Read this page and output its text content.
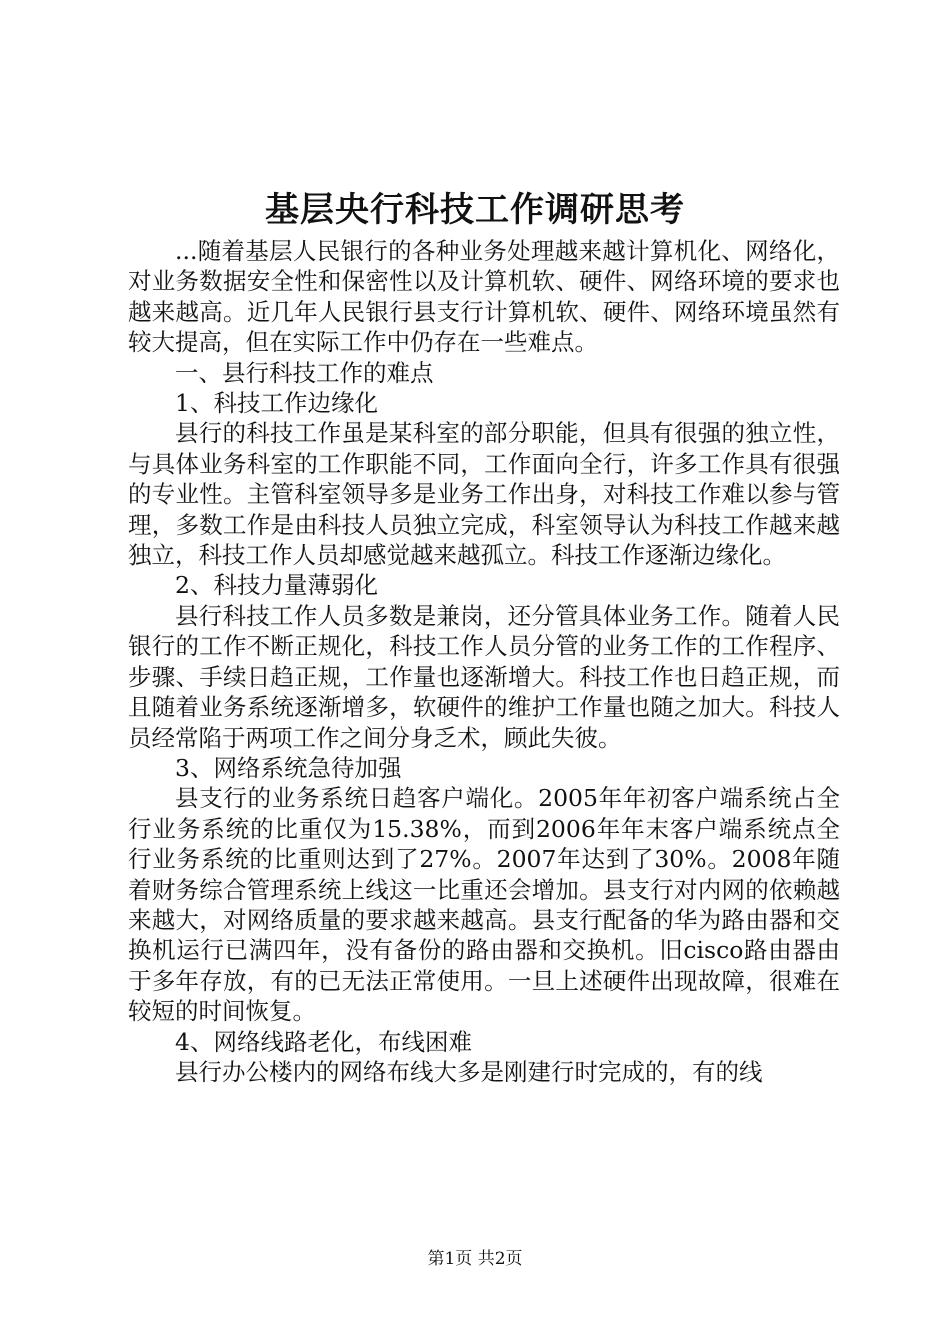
基层央行科技工作调研思考

...随着基层人民银行的各种业务处理越来越计算机化、网络化，对业务数据安全性和保密性以及计算机软、硬件、网络环境的要求也越来越高。近几年人民银行县支行计算机软、硬件、网络环境虽然有较大提高，但在实际工作中仍存在一些难点。

一、县行科技工作的难点

1、科技工作边缘化

县行的科技工作虽是某科室的部分职能，但具有很强的独立性，与具体业务科室的工作职能不同，工作面向全行，许多工作具有很强的专业性。主管科室领导多是业务工作出身，对科技工作难以参与管理，多数工作是由科技人员独立完成，科室领导认为科技工作越来越独立，科技工作人员却感觉越来越孤立。科技工作逐渐边缘化。

2、科技力量薄弱化

县行科技工作人员多数是兼岗，还分管具体业务工作。随着人民银行的工作不断正规化，科技工作人员分管的业务工作的工作程序、步骤、手续日趋正规，工作量也逐渐增大。科技工作也日趋正规，而且随着业务系统逐渐增多，软硬件的维护工作量也随之加大。科技人员经常陷于两项工作之间分身乏术，顾此失彼。

3、网络系统急待加强

县支行的业务系统日趋客户端化。2005年年初客户端系统占全行业务系统的比重仅为15.38%，而到2006年年末客户端系统点全行业务系统的比重则达到了27%。2007年达到了30%。2008年随着财务综合管理系统上线这一比重还会增加。县支行对内网的依赖越来越大，对网络质量的要求越来越高。县支行配备的华为路由器和交换机运行已满四年，没有备份的路由器和交换机。旧cisco路由器由于多年存放，有的已无法正常使用。一旦上述硬件出现故障，很难在较短的时间恢复。

4、网络线路老化，布线困难

县行办公楼内的网络布线大多是刚建行时完成的，有的线

第1页 共2页
